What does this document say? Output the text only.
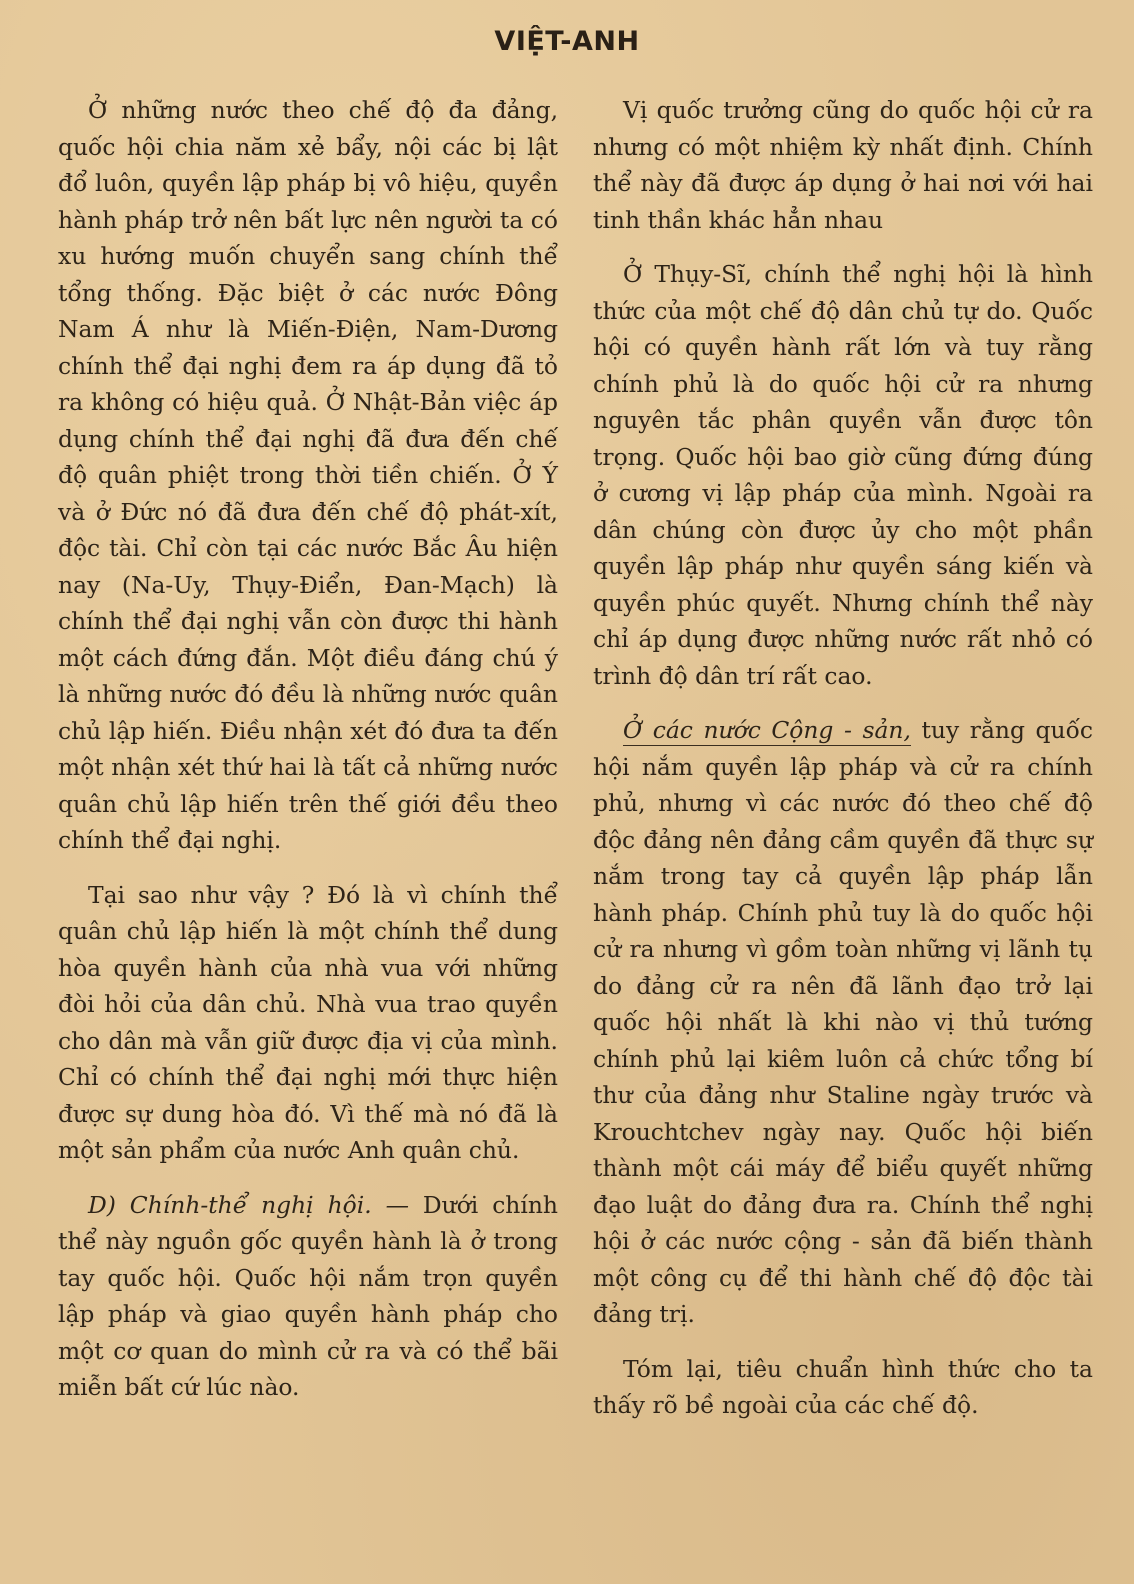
VIỆT-ANH

Ở những nước theo chế độ đa đảng, quốc hội chia năm xẻ bẩy, nội các bị lật đổ luôn, quyền lập pháp bị vô hiệu, quyền hành pháp trở nên bất lực nên người ta có xu hướng muốn chuyển sang chính thể tổng thống. Đặc biệt ở các nước Đông Nam Á như là Miến-Điện, Nam-Dương chính thể đại nghị đem ra áp dụng đã tỏ ra không có hiệu quả. Ở Nhật-Bản việc áp dụng chính thể đại nghị đã đưa đến chế độ quân phiệt trong thời tiền chiến. Ở Ý và ở Đức nó đã đưa đến chế độ phát-xít, độc tài. Chỉ còn tại các nước Bắc Âu hiện nay (Na-Uy, Thụy-Điển, Đan-Mạch) là chính thể đại nghị vẫn còn được thi hành một cách đứng đắn. Một điều đáng chú ý là những nước đó đều là những nước quân chủ lập hiến. Điều nhận xét đó đưa ta đến một nhận xét thứ hai là tất cả những nước quân chủ lập hiến trên thế giới đều theo chính thể đại nghị.

Tại sao như vậy ? Đó là vì chính thể quân chủ lập hiến là một chính thể dung hòa quyền hành của nhà vua với những đòi hỏi của dân chủ. Nhà vua trao quyền cho dân mà vẫn giữ được địa vị của mình. Chỉ có chính thể đại nghị mới thực hiện được sự dung hòa đó. Vì thế mà nó đã là một sản phẩm của nước Anh quân chủ.

D) Chính-thể nghị hội. — Dưới chính thể này nguồn gốc quyền hành là ở trong tay quốc hội. Quốc hội nắm trọn quyền lập pháp và giao quyền hành pháp cho một cơ quan do mình cử ra và có thể bãi miễn bất cứ lúc nào.

Vị quốc trưởng cũng do quốc hội cử ra nhưng có một nhiệm kỳ nhất định. Chính thể này đã được áp dụng ở hai nơi với hai tinh thần khác hẳn nhau

Ở Thụy-Sĩ, chính thể nghị hội là hình thức của một chế độ dân chủ tự do. Quốc hội có quyền hành rất lớn và tuy rằng chính phủ là do quốc hội cử ra nhưng nguyên tắc phân quyền vẫn được tôn trọng. Quốc hội bao giờ cũng đứng đúng ở cương vị lập pháp của mình. Ngoài ra dân chúng còn được ủy cho một phần quyền lập pháp như quyền sáng kiến và quyền phúc quyết. Nhưng chính thể này chỉ áp dụng được những nước rất nhỏ có trình độ dân trí rất cao.

Ở các nước Cộng - sản, tuy rằng quốc hội nắm quyền lập pháp và cử ra chính phủ, nhưng vì các nước đó theo chế độ độc đảng nên đảng cầm quyền đã thực sự nắm trong tay cả quyền lập pháp lẫn hành pháp. Chính phủ tuy là do quốc hội cử ra nhưng vì gồm toàn những vị lãnh tụ do đảng cử ra nên đã lãnh đạo trở lại quốc hội nhất là khi nào vị thủ tướng chính phủ lại kiêm luôn cả chức tổng bí thư của đảng như Staline ngày trước và Krouchtchev ngày nay. Quốc hội biến thành một cái máy để biểu quyết những đạo luật do đảng đưa ra. Chính thể nghị hội ở các nước cộng - sản đã biến thành một công cụ để thi hành chế độ độc tài đảng trị.

Tóm lại, tiêu chuẩn hình thức cho ta thấy rõ bề ngoài của các chế độ.
